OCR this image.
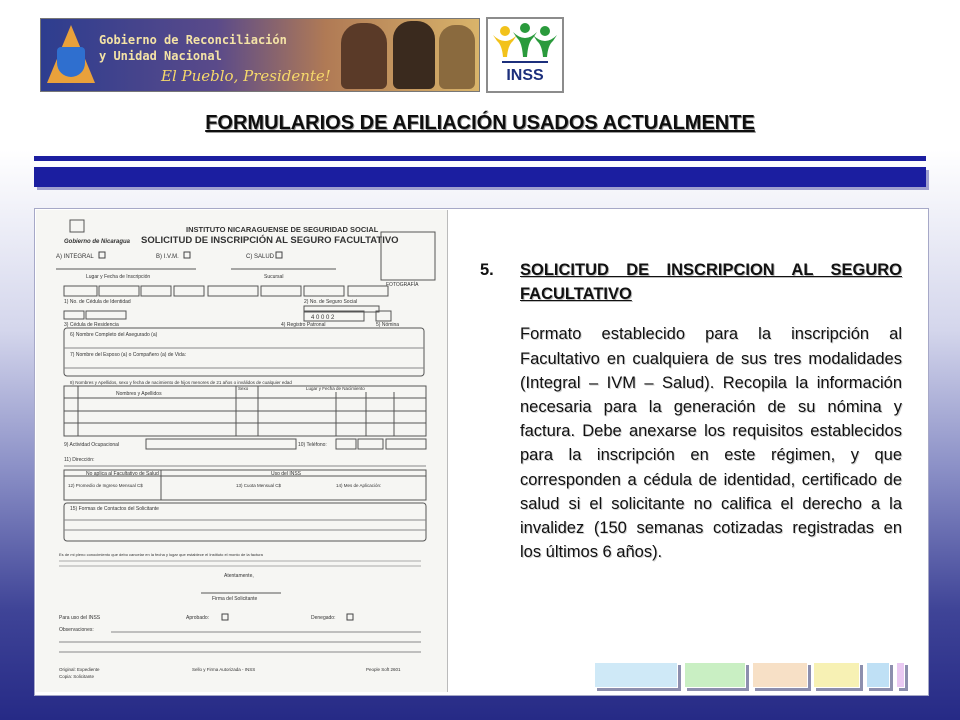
Gobierno de Reconciliación
y Unidad Nacional
El Pueblo, Presidente!	INSS
FORMULARIOS DE AFILIACIÓN USADOS ACTUALMENTE
INSTITUTO NICARAGUENSE DE SEGURIDAD SOCIAL
SOLICITUD DE INSCRIPCIÓN AL SEGURO FACULTATIVO
Gobierno de Nicaragua
A) INTEGRAL	B) I.V.M.	C) SALUD
FOTOGRAFÍA
Lugar y Fecha de Inscripción	Sucursal
1) No. de Cédula de Identidad	2) No. de Seguro Social
4 0 0 0 2
3) Cédula de Residencia	4) Registro Patronal	5) Nómina
6) Nombre Completo del Asegurado (a)
7) Nombre del Esposo (a) o Compañero (a) de Vida:
8) Nombres y Apellidos, sexo y fecha de nacimiento de hijos menores de 21 años o inválidos de cualquier edad
Nombres y Apellidos
Sexo	Lugar y Fecha de Nacimiento
9) Actividad Ocupacional	10) Teléfono:
11) Dirección:
No aplica al Facultativo de Salud	Uso del INSS
12) Promedio de Ingreso Mensual C$	13) Cuota Mensual C$	14) Mes de Aplicación:
15) Formas de Contactos del Solicitante
Es de mi pleno conocimiento que debo cancelar en la fecha y lugar que establece el Instituto el monto de la factura
Atentamente,
Firma del Solicitante
Para uso del INSS	Aprobado:	Denegado:
Observaciones:
Original: Expediente
Copia: Solicitante
Sello y Firma Autorizada - INSS	People Soft 2601
5.	SOLICITUD DE INSCRIPCION AL SEGURO FACULTATIVO
Formato establecido para la inscripción al Facultativo en cualquiera de sus tres modalidades (Integral – IVM – Salud). Recopila la información necesaria para la generación de su nómina y factura. Debe anexarse los requisitos establecidos para la inscripción en este régimen, y que corresponden a cédula de identidad, certificado de salud si el solicitante no califica el derecho a la invalidez (150 semanas cotizadas registradas en los últimos 6 años).
